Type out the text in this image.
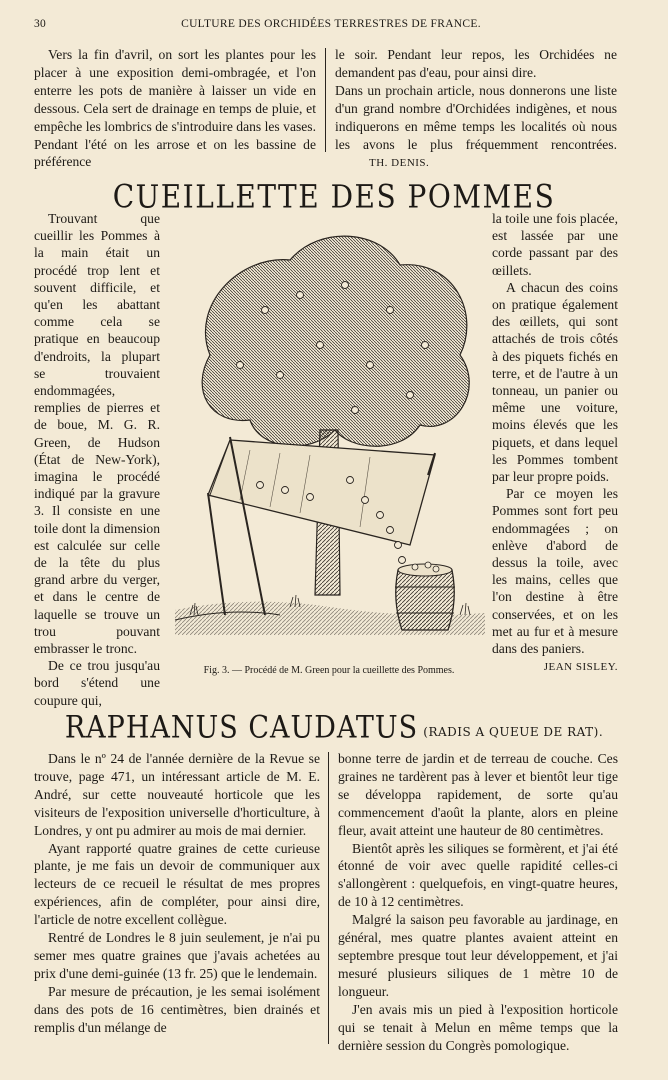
30	CULTURE DES ORCHIDÉES TERRESTRES DE FRANCE.

Vers la fin d'avril, on sort les plantes pour les placer à une exposition demi-ombragée, et l'on enterre les pots de manière à laisser un vide en dessous. Cela sert de drainage en temps de pluie, et empêche les lombrics de s'introduire dans les vases. Pendant l'été on les arrose et on les bassine de préférence

le soir. Pendant leur repos, les Orchidées ne demandent pas d'eau, pour ainsi dire.

Dans un prochain article, nous donnerons une liste d'un grand nombre d'Orchidées indigènes, et nous indiquerons en même temps les localités où nous les avons le plus fréquemment rencontrées.

TH. DENIS.
CUEILLETTE DES POMMES

Trouvant que cueillir les Pommes à la main était un procédé trop lent et souvent difficile, et qu'en les abattant comme cela se pratique en beaucoup d'endroits, la plupart se trouvaient endommagées, remplies de pierres et de boue, M. G. R. Green, de Hudson (État de New-York), imagina le procédé indiqué par la gravure 3. Il consiste en une toile dont la dimension est calculée sur celle de la tête du plus grand arbre du verger, et dans le centre de laquelle se trouve un trou pouvant embrasser le tronc.

De ce trou jusqu'au bord s'étend une coupure qui,

Fig. 3. — Procédé de M. Green pour la cueillette des Pommes.

la toile une fois placée, est lassée par une corde passant par des œillets.

A chacun des coins on pratique également des œillets, qui sont attachés de trois côtés à des piquets fichés en terre, et de l'autre à un tonneau, un panier ou même une voiture, moins élevés que les piquets, et dans lequel les Pommes tombent par leur propre poids.

Par ce moyen les Pommes sont fort peu endommagées ; on enlève d'abord de dessus la toile, avec les mains, celles que l'on destine à être conservées, et on les met au fur et à mesure dans des paniers.

JEAN SISLEY.
RAPHANUS CAUDATUS (RADIS A QUEUE DE RAT).

Dans le nº 24 de l'année dernière de la Revue se trouve, page 471, un intéressant article de M. E. André, sur cette nouveauté horticole que les visiteurs de l'exposition universelle d'horticulture, à Londres, y ont pu admirer au mois de mai dernier.

Ayant rapporté quatre graines de cette curieuse plante, je me fais un devoir de communiquer aux lecteurs de ce recueil le résultat de mes propres expériences, afin de compléter, pour ainsi dire, l'article de notre excellent collègue.

Rentré de Londres le 8 juin seulement, je n'ai pu semer mes quatre graines que j'avais achetées au prix d'une demi-guinée (13 fr. 25) que le lendemain.

Par mesure de précaution, je les semai isolément dans des pots de 16 centimètres, bien drainés et remplis d'un mélange de

bonne terre de jardin et de terreau de couche. Ces graines ne tardèrent pas à lever et bientôt leur tige se développa rapidement, de sorte qu'au commencement d'août la plante, alors en pleine fleur, avait atteint une hauteur de 80 centimètres.

Bientôt après les siliques se formèrent, et j'ai été étonné de voir avec quelle rapidité celles-ci s'allongèrent : quelquefois, en vingt-quatre heures, de 10 à 12 centimètres.

Malgré la saison peu favorable au jardinage, en général, mes quatre plantes avaient atteint en septembre presque tout leur développement, et j'ai mesuré plusieurs siliques de 1 mètre 10 de longueur.

J'en avais mis un pied à l'exposition horticole qui se tenait à Melun en même temps que la dernière session du Congrès pomologique.
